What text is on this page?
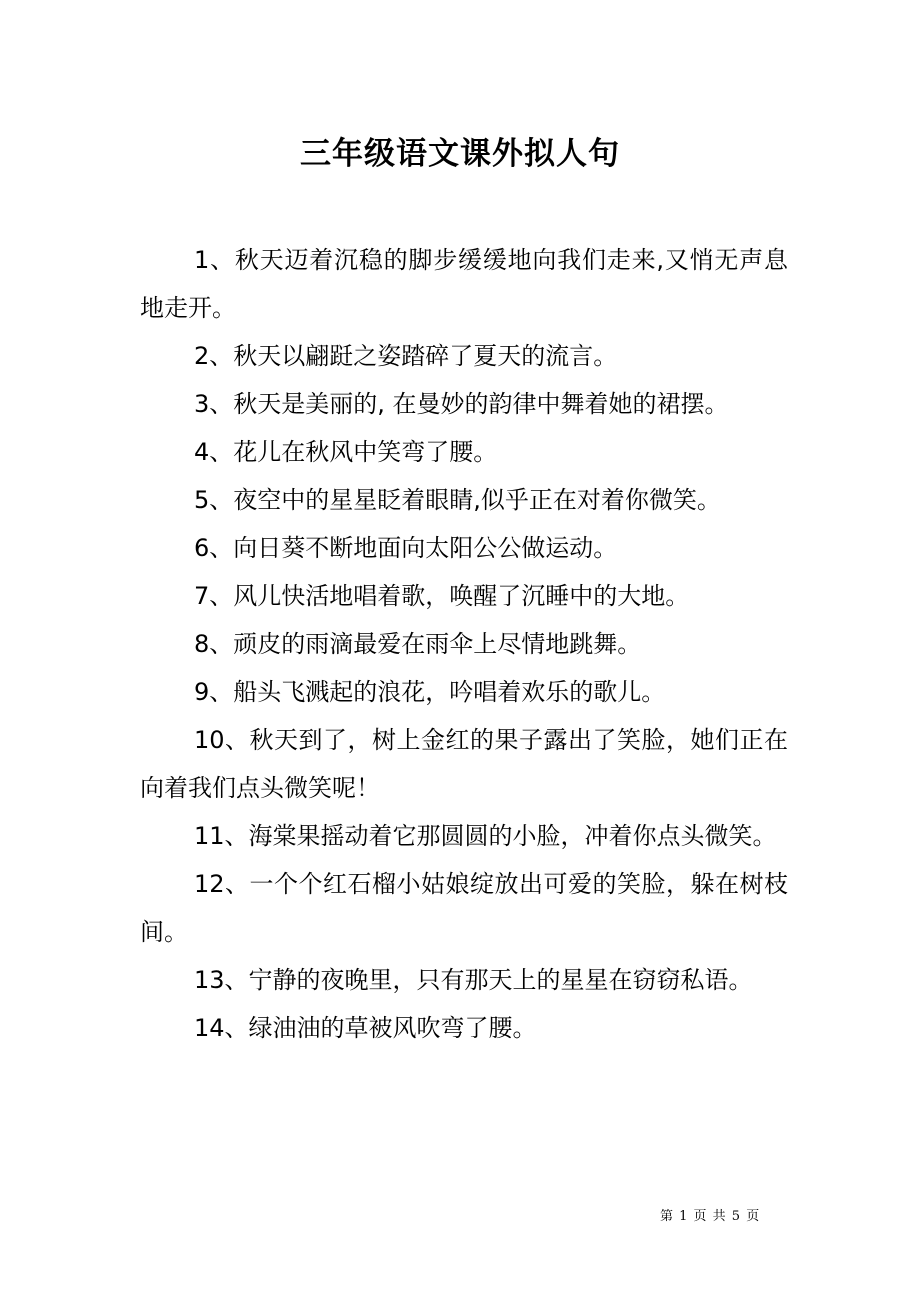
三年级语文课外拟人句

1、秋天迈着沉稳的脚步缓缓地向我们走来,又悄无声息地走开。

2、秋天以翩跹之姿踏碎了夏天的流言。

3、秋天是美丽的, 在曼妙的韵律中舞着她的裙摆。

4、花儿在秋风中笑弯了腰。

5、夜空中的星星眨着眼睛,似乎正在对着你微笑。

6、向日葵不断地面向太阳公公做运动。

7、风儿快活地唱着歌，唤醒了沉睡中的大地。

8、顽皮的雨滴最爱在雨伞上尽情地跳舞。

9、船头飞溅起的浪花，吟唱着欢乐的歌儿。

10、秋天到了，树上金红的果子露出了笑脸，她们正在向着我们点头微笑呢！

11、海棠果摇动着它那圆圆的小脸，冲着你点头微笑。

12、一个个红石榴小姑娘绽放出可爱的笑脸，躲在树枝间。

13、宁静的夜晚里，只有那天上的星星在窃窃私语。

14、绿油油的草被风吹弯了腰。

第 1 页 共 5 页
